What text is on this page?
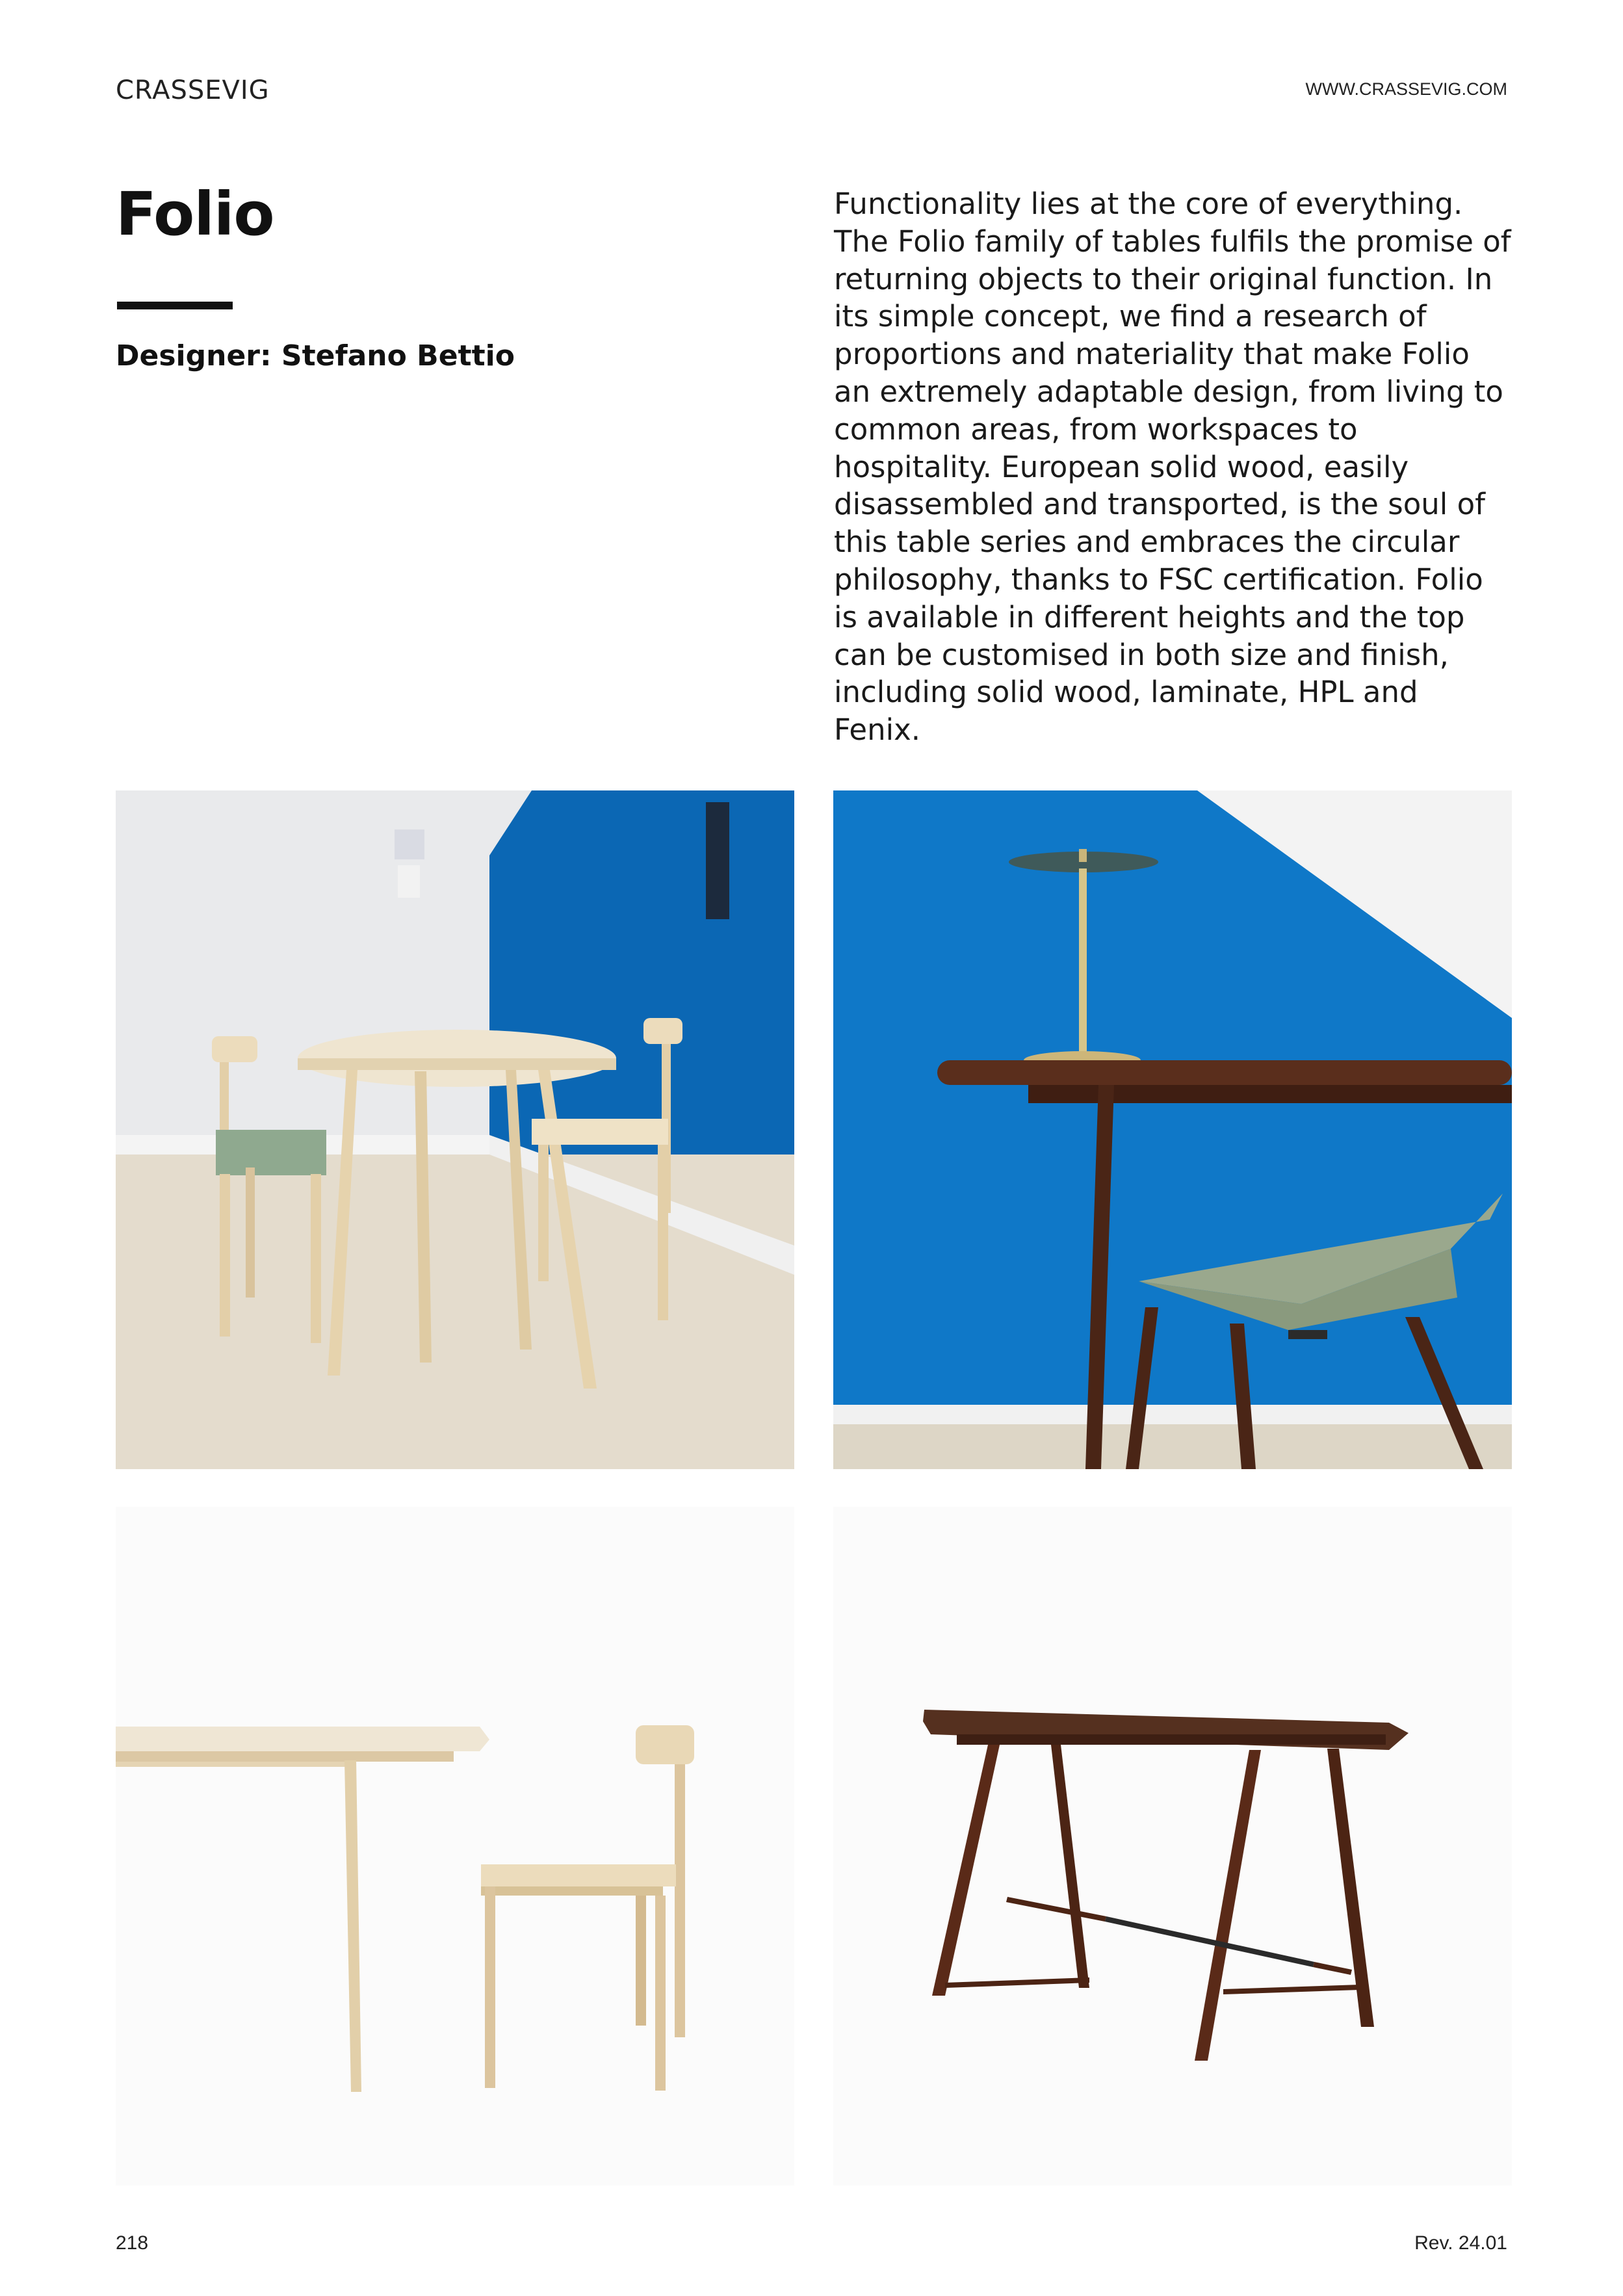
CRASSEVIG	WWW.CRASSEVIG.COM
Folio
Designer: Stefano Bettio
Functionality lies at the core of everything. The Folio family of tables fulfils the promise of returning objects to their original function. In its simple concept, we find a research of proportions and materiality that make Folio an extremely adaptable design, from living to common areas, from workspaces to hospitality. European solid wood, easily disassembled and transported, is the soul of this table series and embraces the circular philosophy, thanks to FSC certification. Folio is available in different heights and the top can be customised in both size and finish, including solid wood, laminate, HPL and Fenix.
218	Rev. 24.01
